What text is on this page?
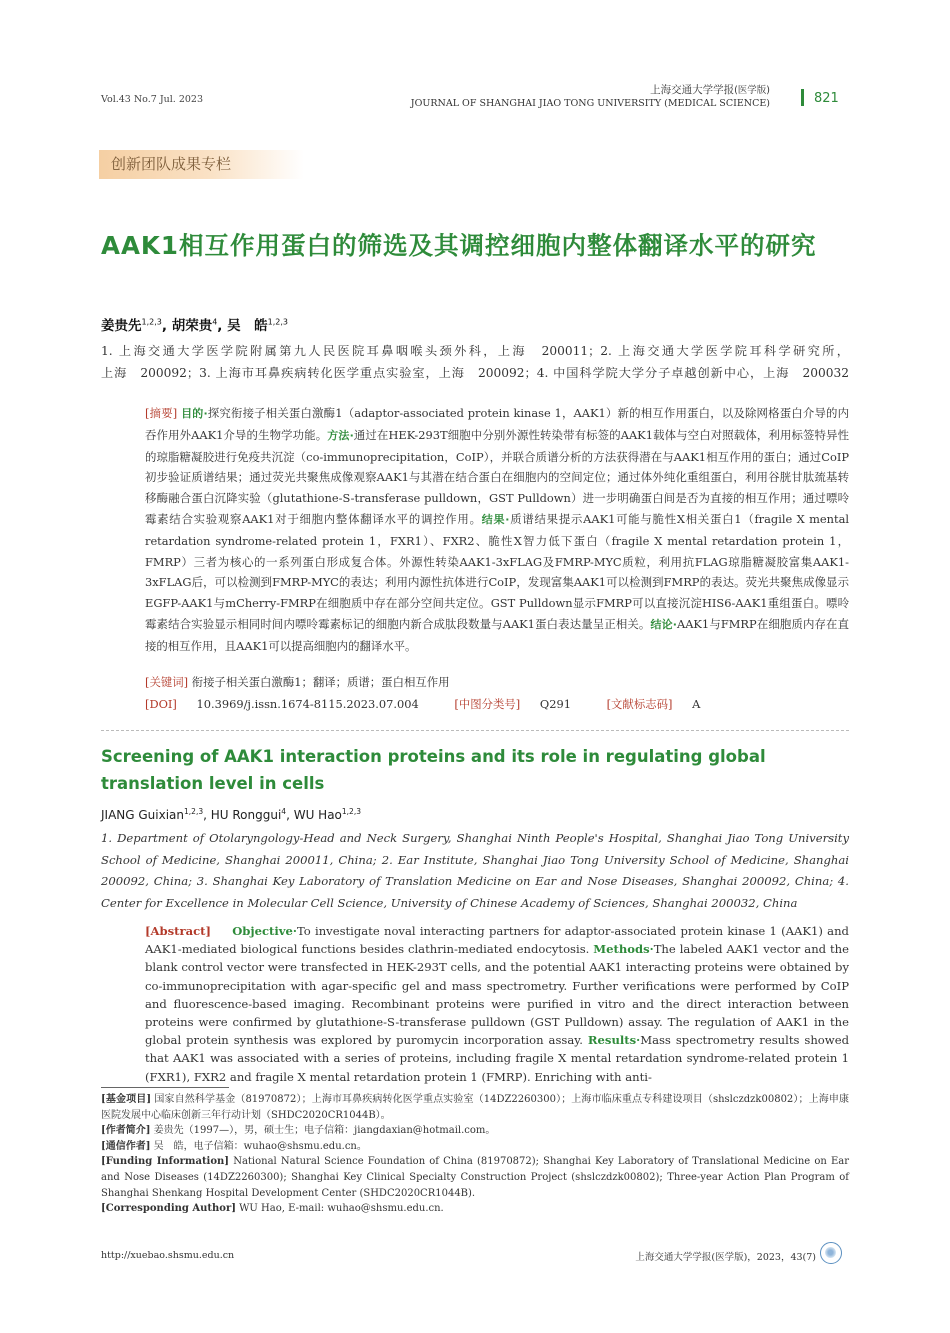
Vol.43 No.7 Jul. 2023
上海交通大学学报(医学版)
JOURNAL OF SHANGHAI JIAO TONG UNIVERSITY (MEDICAL SCIENCE)	821
创新团队成果专栏
AAK1相互作用蛋白的筛选及其调控细胞内整体翻译水平的研究
姜贵先$^{1,2,3}$, 胡荣贵$^4$, 吴　皓$^{1,2,3}$
1. 上海交通大学医学院附属第九人民医院耳鼻咽喉头颈外科，上海　200011；2. 上海交通大学医学院耳科学研究所，
上海　200092；3. 上海市耳鼻疾病转化医学重点实验室，上海　200092；4. 中国科学院大学分子卓越创新中心，上海　200032
[摘要] 目的·探究衔接子相关蛋白激酶1（adaptor-associated protein kinase 1，AAK1）新的相互作用蛋白，以及除网格蛋白介导的内吞作用外AAK1介导的生物学功能。方法·通过在HEK-293T细胞中分别外源性转染带有标签的AAK1载体与空白对照载体，利用标签特异性的琼脂糖凝胶进行免疫共沉淀（co-immunoprecipitation，CoIP），并联合质谱分析的方法获得潜在与AAK1相互作用的蛋白；通过CoIP初步验证质谱结果；通过荧光共聚焦成像观察AAK1与其潜在结合蛋白在细胞内的空间定位；通过体外纯化重组蛋白，利用谷胱甘肽巯基转移酶融合蛋白沉降实验（glutathione-S-transferase pulldown，GST Pulldown）进一步明确蛋白间是否为直接的相互作用；通过嘌呤霉素结合实验观察AAK1对于细胞内整体翻译水平的调控作用。结果·质谱结果提示AAK1可能与脆性X相关蛋白1（fragile X mental retardation syndrome-related protein 1，FXR1）、FXR2、脆性X智力低下蛋白（fragile X mental retardation protein 1，FMRP）三者为核心的一系列蛋白形成复合体。外源性转染AAK1-3xFLAG及FMRP-MYC质粒，利用抗FLAG琼脂糖凝胶富集AAK1-3xFLAG后，可以检测到FMRP-MYC的表达；利用内源性抗体进行CoIP，发现富集AAK1可以检测到FMRP的表达。荧光共聚焦成像显示EGFP-AAK1与mCherry-FMRP在细胞质中存在部分空间共定位。GST Pulldown显示FMRP可以直接沉淀HIS6-AAK1重组蛋白。嘌呤霉素结合实验显示相同时间内嘌呤霉素标记的细胞内新合成肽段数量与AAK1蛋白表达量呈正相关。结论·AAK1与FMRP在细胞质内存在直接的相互作用，且AAK1可以提高细胞内的翻译水平。
[关键词] 衔接子相关蛋白激酶1；翻译；质谱；蛋白相互作用
[DOI] 10.3969/j.issn.1674-8115.2023.07.004	[中图分类号] Q291	[文献标志码] A
Screening of AAK1 interaction proteins and its role in regulating global translation level in cells
JIANG Guixian$^{1,2,3}$, HU Ronggui$^4$, WU Hao$^{1,2,3}$
1. Department of Otolaryngology-Head and Neck Surgery, Shanghai Ninth People's Hospital, Shanghai Jiao Tong University School of Medicine, Shanghai 200011, China; 2. Ear Institute, Shanghai Jiao Tong University School of Medicine, Shanghai 200092, China; 3. Shanghai Key Laboratory of Translation Medicine on Ear and Nose Diseases, Shanghai 200092, China; 4. Center for Excellence in Molecular Cell Science, University of Chinese Academy of Sciences, Shanghai 200032, China
[Abstract] Objective·To investigate noval interacting partners for adaptor-associated protein kinase 1 (AAK1) and AAK1-mediated biological functions besides clathrin-mediated endocytosis. Methods·The labeled AAK1 vector and the blank control vector were transfected in HEK-293T cells, and the potential AAK1 interacting proteins were obtained by co-immunoprecipitation with agar-specific gel and mass spectrometry. Further verifications were performed by CoIP and fluorescence-based imaging. Recombinant proteins were purified in vitro and the direct interaction between proteins were confirmed by glutathione-S-transferase pulldown (GST Pulldown) assay. The regulation of AAK1 in the global protein synthesis was explored by puromycin incorporation assay. Results·Mass spectrometry results showed that AAK1 was associated with a series of proteins, including fragile X mental retardation syndrome-related protein 1 (FXR1), FXR2 and fragile X mental retardation protein 1 (FMRP). Enriching with anti-

[基金项目] 国家自然科学基金（81970872）；上海市耳鼻疾病转化医学重点实验室（14DZ2260300）；上海市临床重点专科建设项目（shslczdzk00802）；上海申康医院发展中心临床创新三年行动计划（SHDC2020CR1044B）。

[作者简介] 姜贵先（1997—），男，硕士生；电子信箱：jiangdaxian@hotmail.com。

[通信作者] 吴　皓，电子信箱：wuhao@shsmu.edu.cn。

[Funding Information] National Natural Science Foundation of China (81970872); Shanghai Key Laboratory of Translational Medicine on Ear and Nose Diseases (14DZ2260300); Shanghai Key Clinical Specialty Construction Project (shslczdzk00802); Three-year Action Plan Program of Shanghai Shenkang Hospital Development Center (SHDC2020CR1044B).

[Corresponding Author] WU Hao, E-mail: wuhao@shsmu.edu.cn.

http://xuebao.shsmu.edu.cn	上海交通大学学报(医学版)，2023，43(7)
